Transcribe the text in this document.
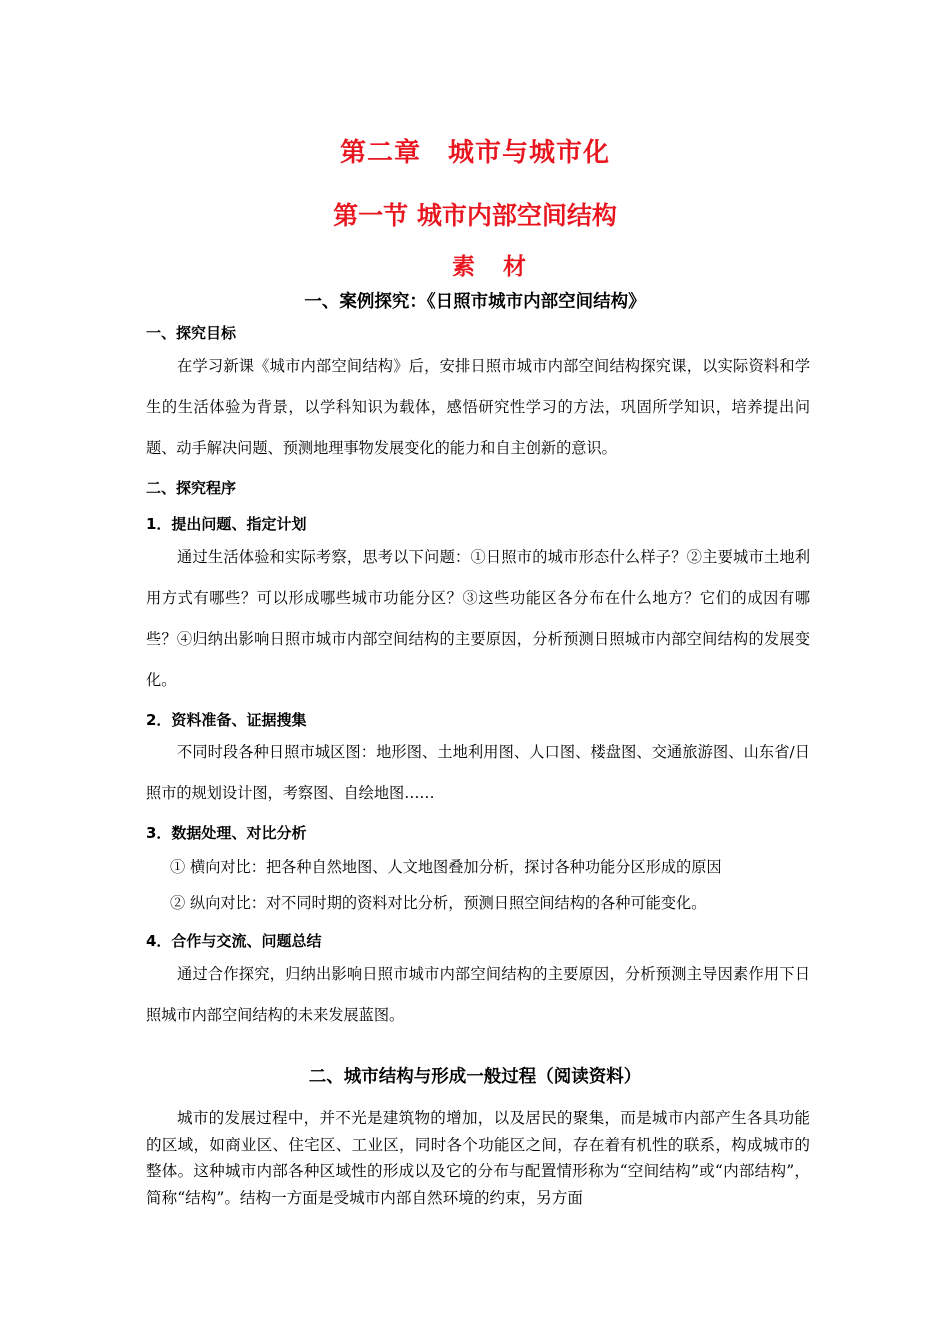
第二章　城市与城市化
第一节 城市内部空间结构
素材
一、案例探究：《日照市城市内部空间结构》
一、探究目标
在学习新课《城市内部空间结构》后，安排日照市城市内部空间结构探究课，以实际资料和学生的生活体验为背景，以学科知识为载体，感悟研究性学习的方法，巩固所学知识，培养提出问题、动手解决问题、预测地理事物发展变化的能力和自主创新的意识。
二、探究程序
1．提出问题、指定计划
通过生活体验和实际考察，思考以下问题：①日照市的城市形态什么样子？②主要城市土地利用方式有哪些？可以形成哪些城市功能分区？③这些功能区各分布在什么地方？它们的成因有哪些？④归纳出影响日照市城市内部空间结构的主要原因，分析预测日照城市内部空间结构的发展变化。
2．资料准备、证据搜集
不同时段各种日照市城区图：地形图、土地利用图、人口图、楼盘图、交通旅游图、山东省/日照市的规划设计图，考察图、自绘地图……
3．数据处理、对比分析
① 横向对比：把各种自然地图、人文地图叠加分析，探讨各种功能分区形成的原因
② 纵向对比：对不同时期的资料对比分析，预测日照空间结构的各种可能变化。
4．合作与交流、问题总结
通过合作探究，归纳出影响日照市城市内部空间结构的主要原因，分析预测主导因素作用下日照城市内部空间结构的未来发展蓝图。
二、城市结构与形成一般过程（阅读资料）
城市的发展过程中，并不光是建筑物的增加，以及居民的聚集，而是城市内部产生各具功能的区域，如商业区、住宅区、工业区，同时各个功能区之间，存在着有机性的联系，构成城市的整体。这种城市内部各种区域性的形成以及它的分布与配置情形称为“空间结构”或“内部结构”，简称“结构”。结构一方面是受城市内部自然环境的约束，另方面
